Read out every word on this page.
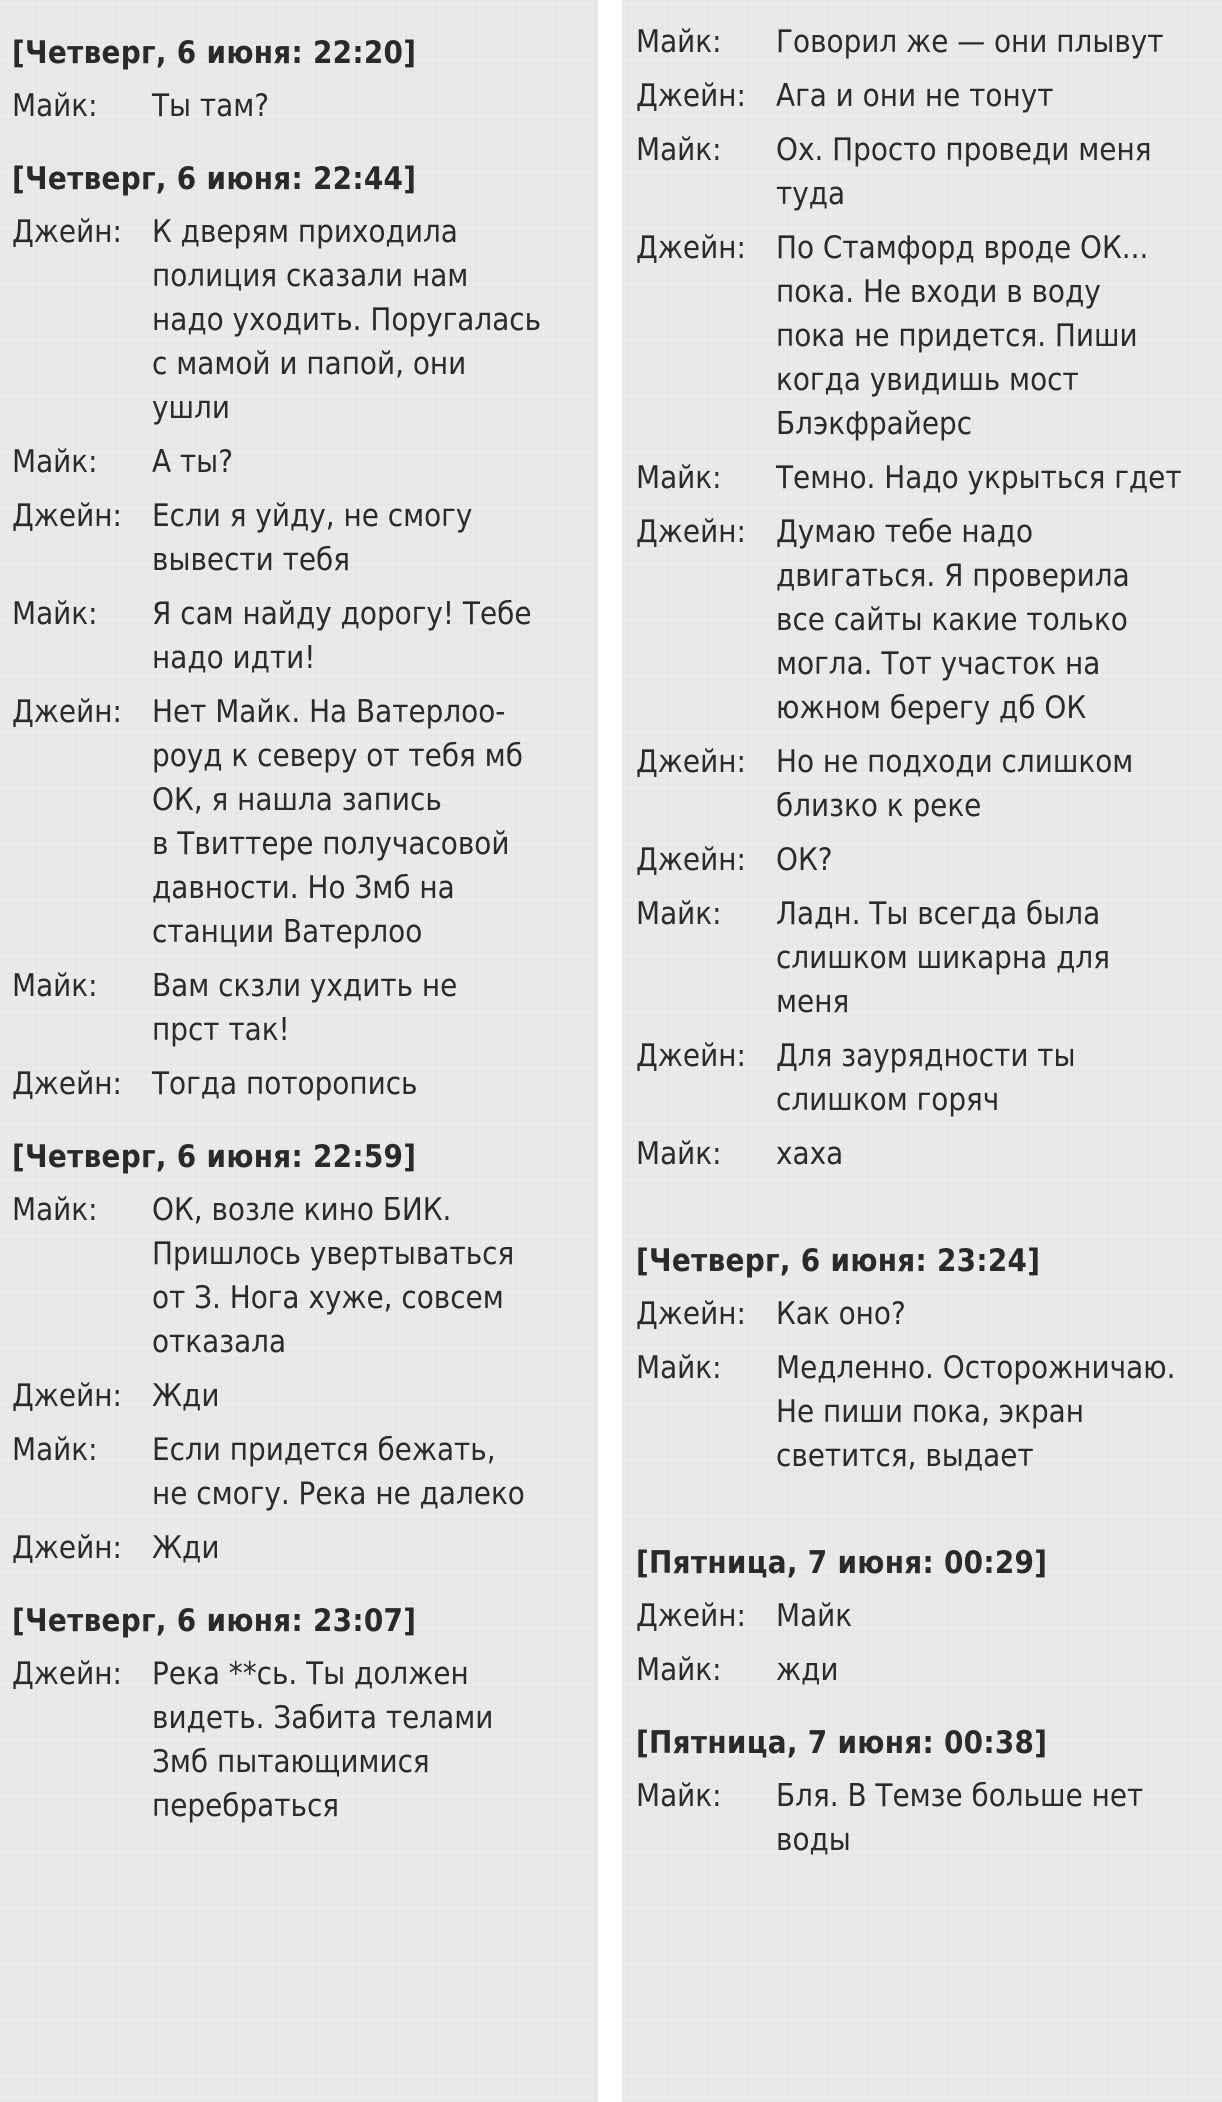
[Четверг, 6 июня: 22:20]
Майк:	Ты там?
[Четверг, 6 июня: 22:44]
Джейн: К дверям приходила
полиция сказали нам
надо уходить. Поругалась
с мамой и папой, они
ушли
Майк:	А ты?
Джейн: Если я уйду, не смогу
вывести тебя
Майк:	Я сам найду дорогу! Тебе
надо идти!
Джейн: Нет Майк. На Ватерлоо-
роуд к северу от тебя мб
ОК, я нашла запись
в Твиттере получасовой
давности. Но Змб на
станции Ватерлоо
Майк:	Вам скзли ухдить не
прст так!
Джейн: Тогда поторопись
[Четверг, 6 июня: 22:59]
Майк:	ОК, возле кино БИК.
Пришлось увертываться
от З. Нога хуже, совсем
отказала
Джейн: Жди
Майк:	Если придется бежать,
не смогу. Река не далеко
Джейн: Жди
[Четверг, 6 июня: 23:07]
Джейн: Река **сь. Ты должен
видеть. Забита телами
Змб пытающимися
перебраться
Майк:	Говорил же — они плывут
Джейн: Ага и они не тонут
Майк:	Ох. Просто проведи меня
туда
Джейн: По Стамфорд вроде ОК...
пока. Не входи в воду
пока не придется. Пиши
когда увидишь мост
Блэкфрайерс
Майк:	Темно. Надо укрыться гдет
Джейн: Думаю тебе надо
двигаться. Я проверила
все сайты какие только
могла. Тот участок на
южном берегу дб ОК
Джейн: Но не подходи слишком
близко к реке
Джейн: ОК?
Майк:	Ладн. Ты всегда была
слишком шикарна для
меня
Джейн: Для заурядности ты
слишком горяч
Майк:	хаха
[Четверг, 6 июня: 23:24]
Джейн: Как оно?
Майк:	Медленно. Осторожничаю.
Не пиши пока, экран
светится, выдает
[Пятница, 7 июня: 00:29]
Джейн: Майк
Майк:	жди
[Пятница, 7 июня: 00:38]
Майк:	Бля. В Темзе больше нет
воды
